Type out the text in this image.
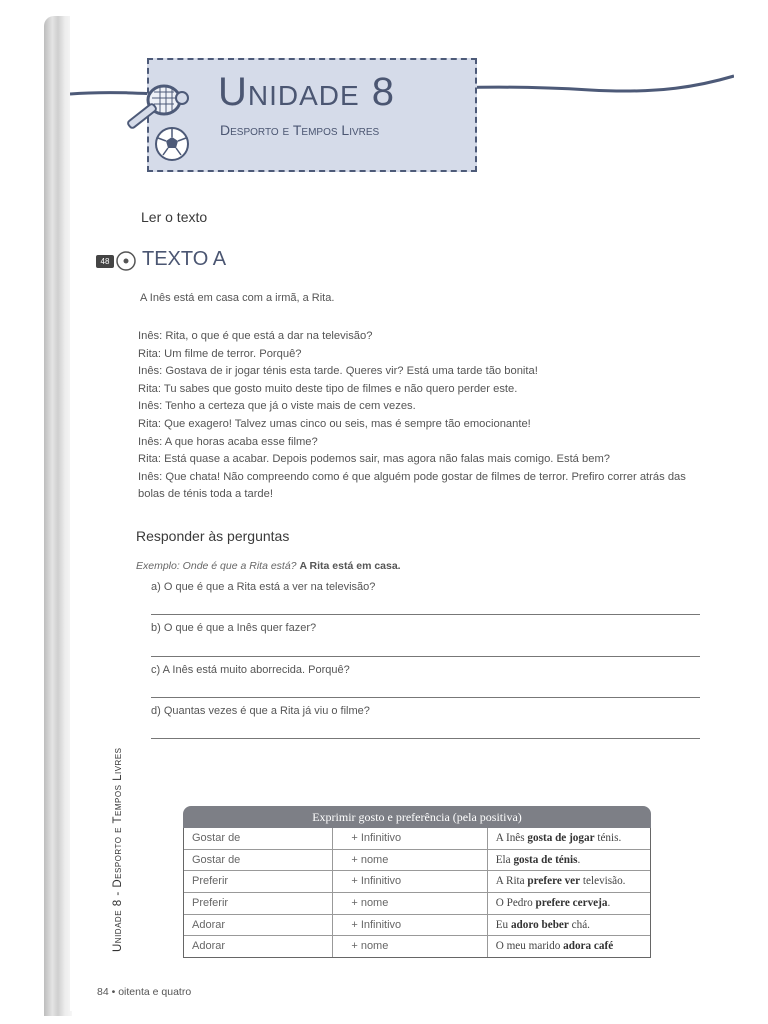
Unidade 8
Desporto e Tempos Livres
Ler o texto
48 TEXTO A
A Inês está em casa com a irmã, a Rita.
Inês: Rita, o que é que está a dar na televisão?
Rita: Um filme de terror. Porquê?
Inês: Gostava de ir jogar ténis esta tarde. Queres vir? Está uma tarde tão bonita!
Rita: Tu sabes que gosto muito deste tipo de filmes e não quero perder este.
Inês: Tenho a certeza que já o viste mais de cem vezes.
Rita: Que exagero! Talvez umas cinco ou seis, mas é sempre tão emocionante!
Inês: A que horas acaba esse filme?
Rita: Está quase a acabar. Depois podemos sair, mas agora não falas mais comigo. Está bem?
Inês: Que chata! Não compreendo como é que alguém pode gostar de filmes de terror. Prefiro correr atrás das
bolas de ténis toda a tarde!
Responder às perguntas
Exemplo: Onde é que a Rita está? A Rita está em casa.
a) O que é que a Rita está a ver na televisão?
b) O que é que a Inês quer fazer?
c) A Inês está muito aborrecida. Porquê?
d) Quantas vezes é que a Rita já viu o filme?
Unidade 8 - Desporto e Tempos Livres	Exprimir gosto e preferência (pela positiva)
Gostar de	+ Infinitivo	A Inês gosta de jogar ténis.
Gostar de	+ nome	Ela gosta de ténis.
Preferir	+ Infinitivo	A Rita prefere ver televisão.
Preferir	+ nome	O Pedro prefere cerveja.
Adorar	+ Infinitivo	Eu adoro beber chá.
Adorar	+ nome	O meu marido adora café
84 • oitenta e quatro
